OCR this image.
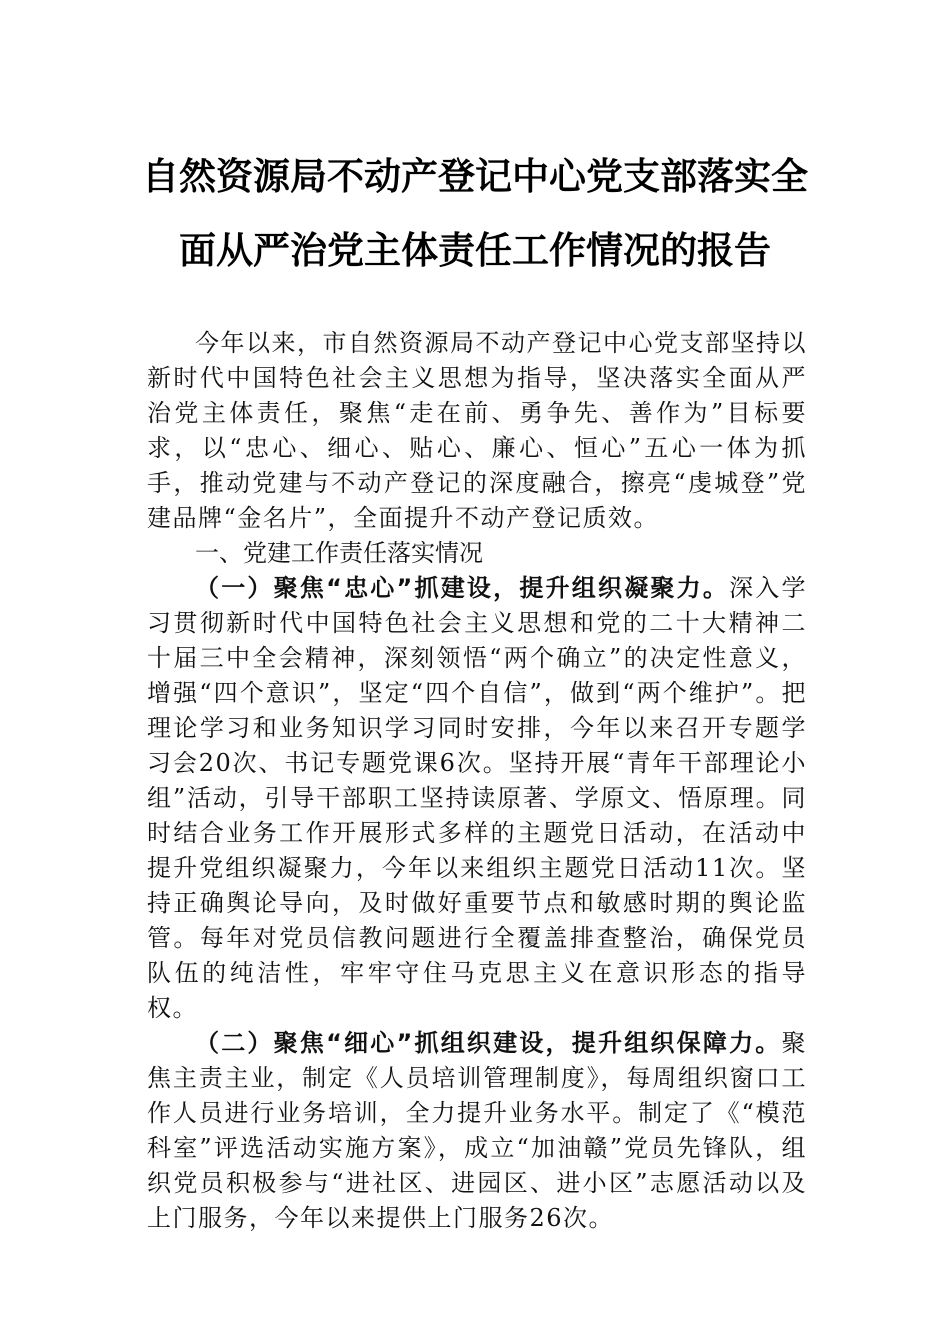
自然资源局不动产登记中心党支部落实全
面从严治党主体责任工作情况的报告

今年以来，市自然资源局不动产登记中心党支部坚持以新时代中国特色社会主义思想为指导，坚决落实全面从严治党主体责任，聚焦“走在前、勇争先、善作为”目标要求，以“忠心、细心、贴心、廉心、恒心”五心一体为抓手，推动党建与不动产登记的深度融合，擦亮“虔城登”党建品牌“金名片”，全面提升不动产登记质效。

一、党建工作责任落实情况

（一）聚焦“忠心”抓建设，提升组织凝聚力。深入学习贯彻新时代中国特色社会主义思想和党的二十大精神二十届三中全会精神，深刻领悟“两个确立”的决定性意义，增强“四个意识”，坚定“四个自信”，做到“两个维护”。把理论学习和业务知识学习同时安排，今年以来召开专题学习会20次、书记专题党课6次。坚持开展“青年干部理论小组”活动，引导干部职工坚持读原著、学原文、悟原理。同时结合业务工作开展形式多样的主题党日活动，在活动中提升党组织凝聚力，今年以来组织主题党日活动11次。坚持正确舆论导向，及时做好重要节点和敏感时期的舆论监管。每年对党员信教问题进行全覆盖排查整治，确保党员队伍的纯洁性，牢牢守住马克思主义在意识形态的指导权。

（二）聚焦“细心”抓组织建设，提升组织保障力。聚焦主责主业，制定《人员培训管理制度》，每周组织窗口工作人员进行业务培训，全力提升业务水平。制定了《“模范科室”评选活动实施方案》，成立“加油赣”党员先锋队，组织党员积极参与“进社区、进园区、进小区”志愿活动以及上门服务，今年以来提供上门服务26次。
